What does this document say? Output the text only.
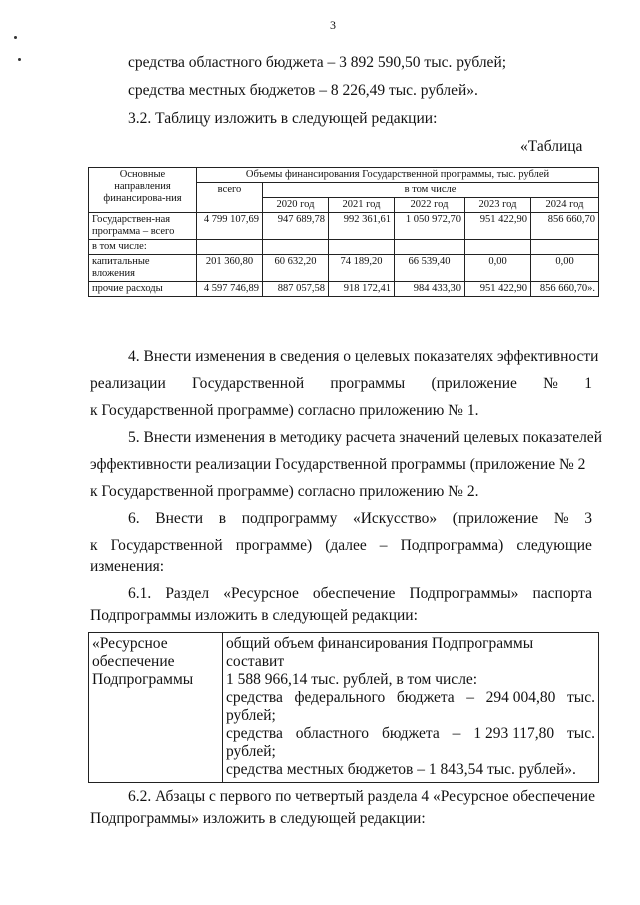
3
средства областного бюджета – 3 892 590,50 тыс. рублей;
средства местных бюджетов – 8 226,49 тыс. рублей».
3.2. Таблицу изложить в следующей редакции:
«Таблица
Основные направления финансирова-ния	Объемы финансирования Государственной программы, тыс. рублей					
	всего	в том числе				
		2020 год	2021 год	2022 год	2023 год	2024 год
Государствен-ная программа – всего	4 799 107,69	947 689,78	992 361,61	1 050 972,70	951 422,90	856 660,70
в том числе:						
капитальные вложения	201 360,80	60 632,20	74 189,20	66 539,40	0,00	0,00
прочие расходы	4 597 746,89	887 057,58	918 172,41	984 433,30	951 422,90	856 660,70».
4. Внести изменения в сведения о целевых показателях эффективности
реализации Государственной программы (приложение № 1
к Государственной программе) согласно приложению № 1.
5. Внести изменения в методику расчета значений целевых показателей
эффективности реализации Государственной программы (приложение № 2
к Государственной программе) согласно приложению № 2.
6. Внести в подпрограмму «Искусство» (приложение № 3
к Государственной программе) (далее – Подпрограмма) следующие
изменения:
6.1. Раздел «Ресурсное обеспечение Подпрограммы» паспорта
Подпрограммы изложить в следующей редакции:
«Ресурсное
обеспечение
Подпрограммы

общий объем финансирования Подпрограммы составит
1 588 966,14 тыс. рублей, в том числе:
средства федерального бюджета – 294 004,80 тыс.
рублей;
средства областного бюджета – 1 293 117,80 тыс.
рублей;
средства местных бюджетов – 1 843,54 тыс. рублей».
6.2. Абзацы с первого по четвертый раздела 4 «Ресурсное обеспечение
Подпрограммы» изложить в следующей редакции:
